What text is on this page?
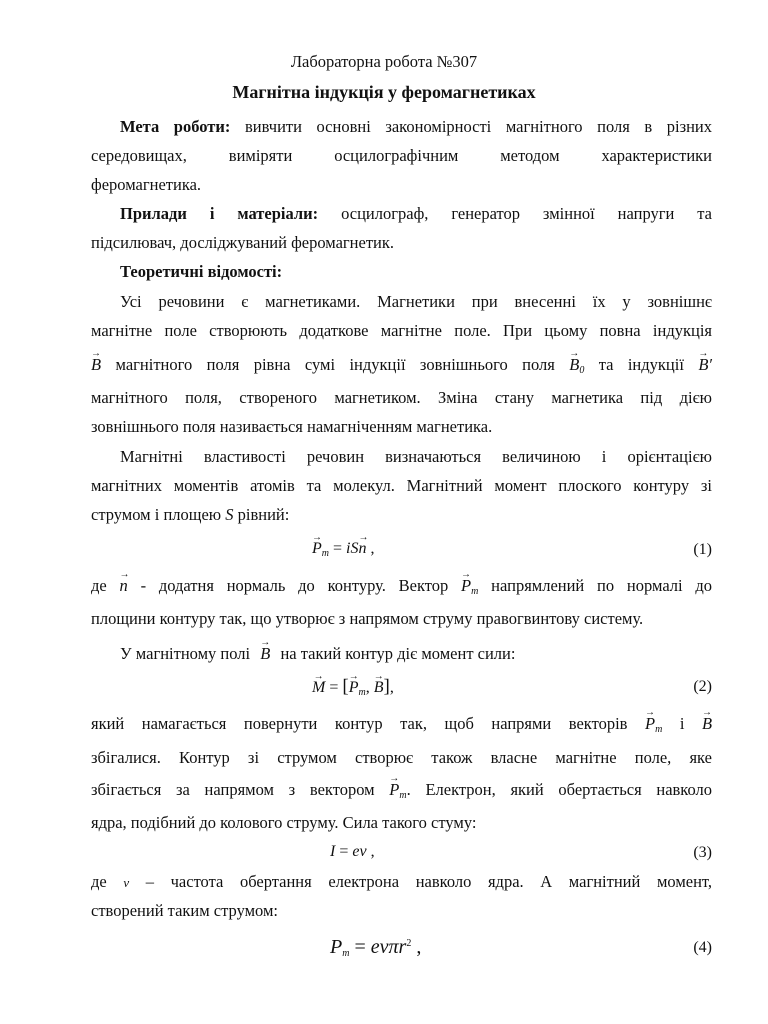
Лабораторна робота №307
Магнітна індукція у феромагнетиках
Мета роботи: вивчити основні закономірності магнітного поля в різних
середовищах, виміряти осцилографічним методом характеристики
феромагнетика.
Прилади і матеріали: осцилограф, генератор змінної напруги та
підсилювач, досліджуваний феромагнетик.
Теоретичні відомості:
Усі речовини є магнетиками. Магнетики при внесенні їх у зовнішнє
магнітне поле створюють додаткове магнітне поле. При цьому повна індукція
→ B магнітного поля рівна сумі індукції зовнішнього поля → $B_0$ та індукції → B′
магнітного поля, створеного магнетиком. Зміна стану магнетика під дією
зовнішнього поля називається намагніченням магнетика.
Магнітні властивості речовин визначаються величиною і орієнтацією
магнітних моментів атомів та молекул. Магнітний момент плоского контуру зі
струмом і площею S рівний:
→ $P_m = iS\to n$ ,	(1)
де → n - додатня нормаль до контуру. Вектор → $P_m$ напрямлений по нормалі до
площини контуру так, що утворює з напрямом струму правогвинтову систему.
У магнітному полі → B на такий контур діє момент сили:
→ M = [→ $P_m$, → B],	(2)
який намагається повернути контур так, щоб напрями векторів → $P_m$ і → B
збігалися. Контур зі струмом створює також власне магнітне поле, яке
збігається за напрямом з вектором → $P_m$. Електрон, який обертається навколо
ядра, подібний до колового струму. Сила такого стуму:
I = eν ,	(3)
де ν – частота обертання електрона навколо ядра. А магнітний момент,
створений таким струмом:
$P_m = e\nu\pi r^2$ ,	(4)
